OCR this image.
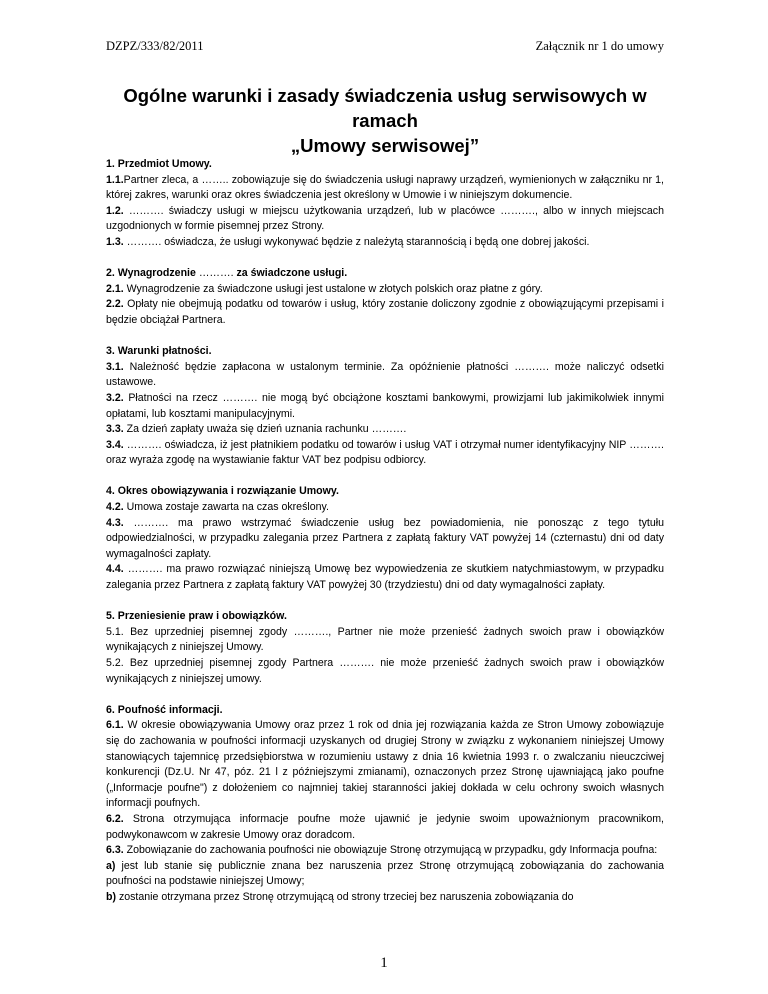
DZPZ/333/82/2011	Załącznik nr 1 do umowy
Ogólne warunki i zasady świadczenia usług serwisowych w ramach
„Umowy serwisowej”

1. Przedmiot Umowy.

1.1.Partner zleca, a …….. zobowiązuje się do świadczenia usługi naprawy urządzeń, wymienionych w załączniku nr 1, której zakres, warunki oraz okres świadczenia jest określony w Umowie i w niniejszym dokumencie.

1.2. ………. świadczy usługi w miejscu użytkowania urządzeń, lub w placówce ………., albo w innych miejscach uzgodnionych w formie pisemnej przez Strony.

1.3. ………. oświadcza, że usługi wykonywać będzie z należytą starannością i będą one dobrej jakości.

2. Wynagrodzenie ………. za świadczone usługi.

2.1. Wynagrodzenie za świadczone usługi jest ustalone w złotych polskich oraz płatne z góry.

2.2. Opłaty nie obejmują podatku od towarów i usług, który zostanie doliczony zgodnie z obowiązującymi przepisami i będzie obciążał Partnera.

3. Warunki płatności.

3.1. Należność będzie zapłacona w ustalonym terminie. Za opóźnienie płatności ………. może naliczyć odsetki ustawowe.

3.2. Płatności na rzecz ………. nie mogą być obciążone kosztami bankowymi, prowizjami lub jakimikolwiek innymi opłatami, lub kosztami manipulacyjnymi.

3.3. Za dzień zapłaty uważa się dzień uznania rachunku ……….

3.4. ………. oświadcza, iż jest płatnikiem podatku od towarów i usług VAT i otrzymał numer identyfikacyjny NIP ………. oraz wyraża zgodę na wystawianie faktur VAT bez podpisu odbiorcy.

4. Okres obowiązywania i rozwiązanie Umowy.

4.2. Umowa zostaje zawarta na czas określony.

4.3. ………. ma prawo wstrzymać świadczenie usług bez powiadomienia, nie ponosząc z tego tytułu odpowiedzialności, w przypadku zalegania przez Partnera z zapłatą faktury VAT powyżej 14 (czternastu) dni od daty wymagalności zapłaty.

4.4. ………. ma prawo rozwiązać niniejszą Umowę bez wypowiedzenia ze skutkiem natychmiastowym, w przypadku zalegania przez Partnera z zapłatą faktury VAT powyżej 30 (trzydziestu) dni od daty wymagalności zapłaty.

5. Przeniesienie praw i obowiązków.

5.1. Bez uprzedniej pisemnej zgody ………., Partner nie może przenieść żadnych swoich praw i obowiązków wynikających z niniejszej Umowy.

5.2. Bez uprzedniej pisemnej zgody Partnera ………. nie może przenieść żadnych swoich praw i obowiązków wynikających z niniejszej umowy.

6. Poufność informacji.

6.1. W okresie obowiązywania Umowy oraz przez 1 rok od dnia jej rozwiązania każda ze Stron Umowy zobowiązuje się do zachowania w poufności informacji uzyskanych od drugiej Strony w związku z wykonaniem niniejszej Umowy stanowiących tajemnicę przedsiębiorstwa w rozumieniu ustawy z dnia 16 kwietnia 1993 r. o zwalczaniu nieuczciwej konkurencji (Dz.U. Nr 47, póz. 21 l z późniejszymi zmianami), oznaczonych przez Stronę ujawniającą jako poufne („Informacje poufne") z dołożeniem co najmniej takiej staranności jakiej dokłada w celu ochrony swoich własnych informacji poufnych.

6.2. Strona otrzymująca informacje poufne może ujawnić je jedynie swoim upoważnionym pracownikom, podwykonawcom w zakresie Umowy oraz doradcom.

6.3. Zobowiązanie do zachowania poufności nie obowiązuje Stronę otrzymującą w przypadku, gdy Informacja poufna:

a) jest lub stanie się publicznie znana bez naruszenia przez Stronę otrzymującą zobowiązania do zachowania poufności na podstawie niniejszej Umowy;

b) zostanie otrzymana przez Stronę otrzymującą od strony trzeciej bez naruszenia zobowiązania do

1
